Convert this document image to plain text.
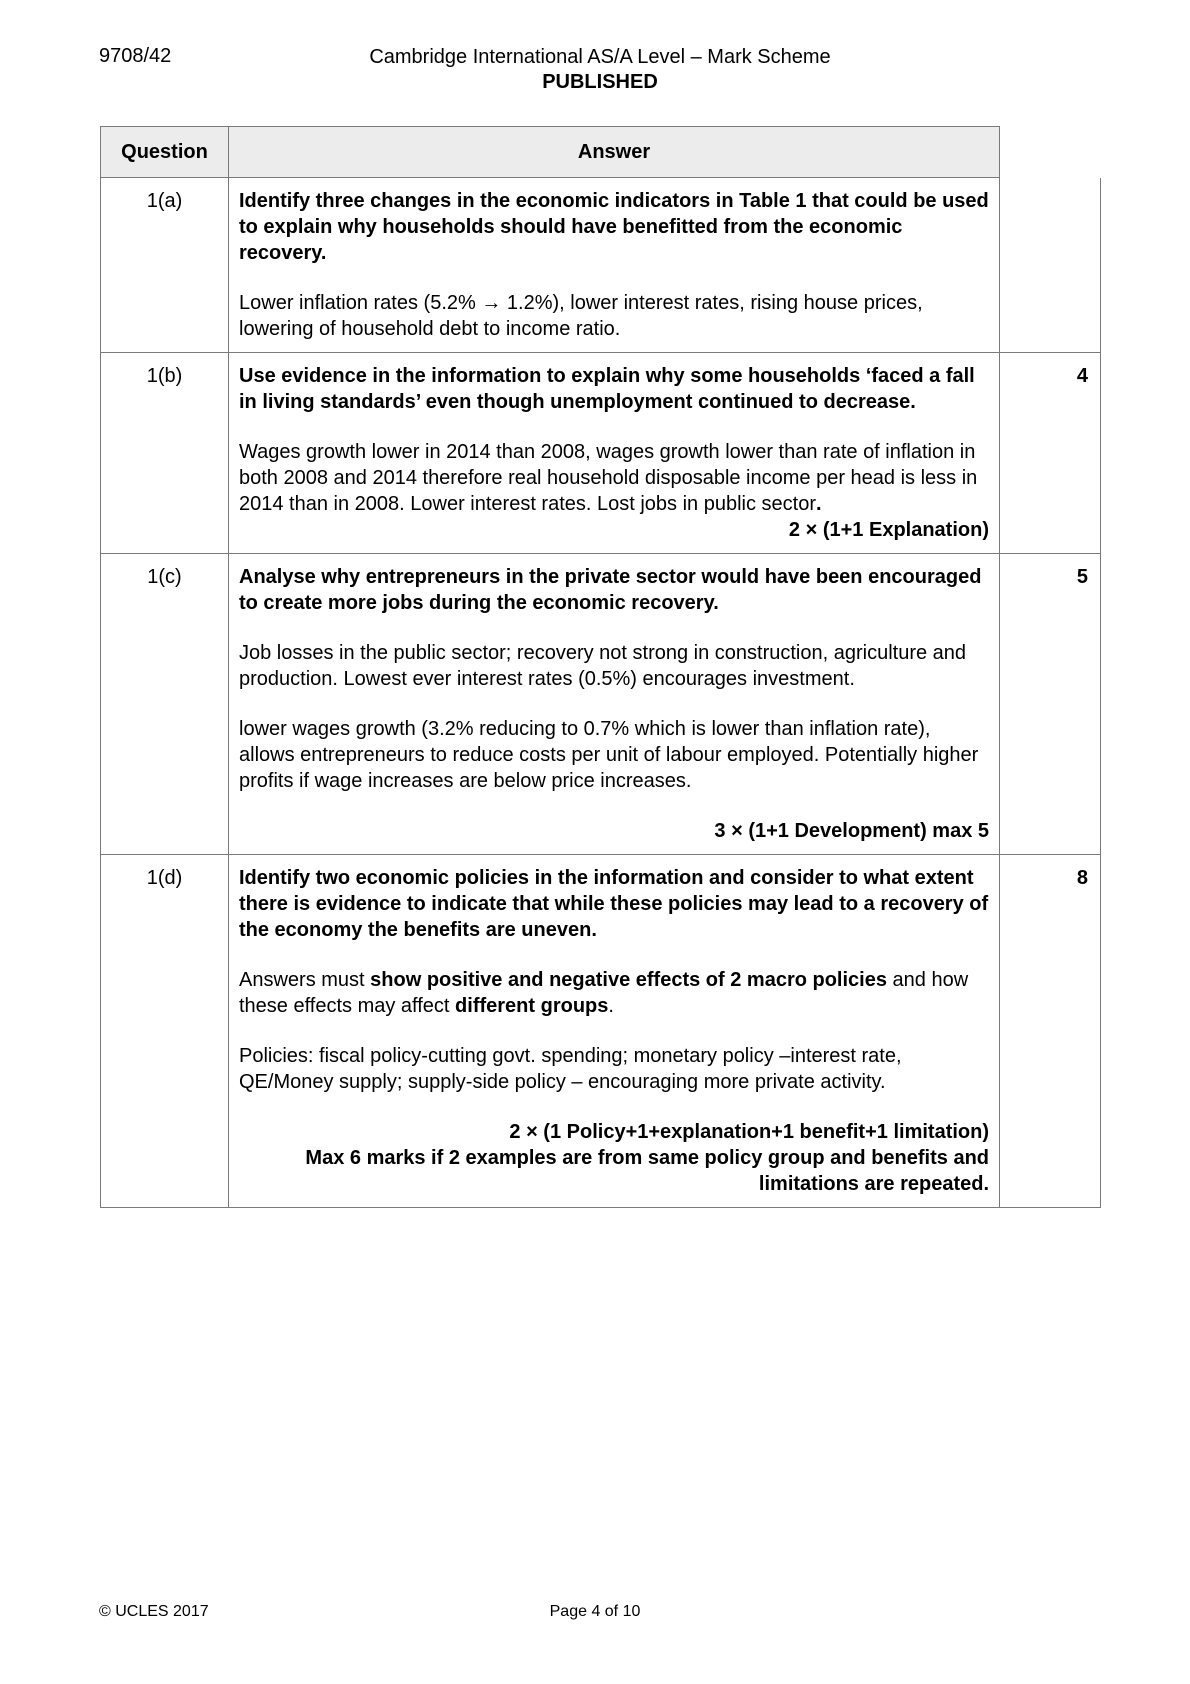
9708/42	Cambridge International AS/A Level – Mark Scheme
PUBLISHED
Question	Answer	
1(a)	Identify three changes in the economic indicators in Table 1 that could be used to explain why households should have benefitted from the economic recovery.

Lower inflation rates (5.2% → 1.2%), lower interest rates, rising house prices, lowering of household debt to income ratio.	

1(b)	Use evidence in the information to explain why some households ‘faced a fall in living standards’ even though unemployment continued to decrease.

Wages growth lower in 2014 than 2008, wages growth lower than rate of inflation in both 2008 and 2014 therefore real household disposable income per head is less in 2014 than in 2008. Lower interest rates. Lost jobs in public sector.

2 × (1+1 Explanation)	4
1(c)	Analyse why entrepreneurs in the private sector would have been encouraged to create more jobs during the economic recovery.

Job losses in the public sector; recovery not strong in construction, agriculture and production. Lowest ever interest rates (0.5%) encourages investment.

lower wages growth (3.2% reducing to 0.7% which is lower than inflation rate), allows entrepreneurs to reduce costs per unit of labour employed. Potentially higher profits if wage increases are below price increases.

3 × (1+1 Development) max 5	5
1(d)	Identify two economic policies in the information and consider to what extent there is evidence to indicate that while these policies may lead to a recovery of the economy the benefits are uneven.

Answers must show positive and negative effects of 2 macro policies and how these effects may affect different groups.

Policies: fiscal policy-cutting govt. spending; monetary policy –interest rate, QE/Money supply; supply-side policy – encouraging more private activity.

2 × (1 Policy+1+explanation+1 benefit+1 limitation)

Max 6 marks if 2 examples are from same policy group and benefits and limitations are repeated.	8
© UCLES 2017	Page 4 of 10
